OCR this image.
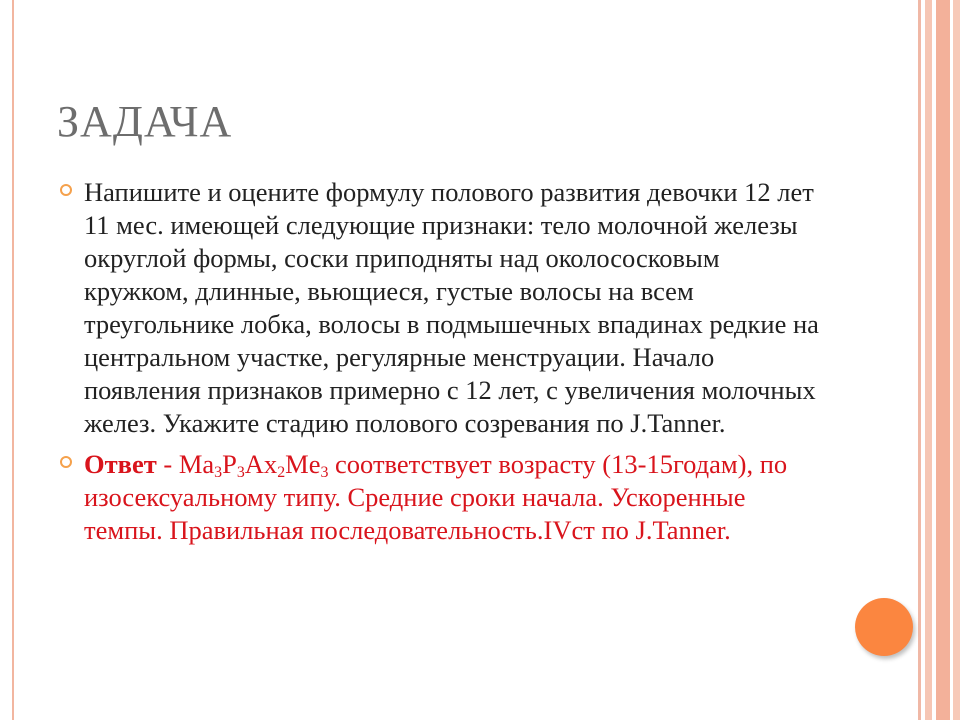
ЗАДАЧА
Напишите и оцените формулу полового развития девочки 12 лет 11 мес. имеющей следующие признаки: тело молочной железы округлой формы, соски приподняты над околососковым кружком, длинные, вьющиеся, густые волосы на всем треугольнике лобка, волосы в подмышечных впадинах редкие на центральном участке, регулярные менструации. Начало появления признаков примерно с 12 лет, с увеличения молочных желез. Укажите стадию полового созревания по J.Tanner.
Ответ - $Ma_3P_3Ax_2Me_3$ соответствует возрасту (13-15годам), по изосексуальному типу. Средние сроки начала. Ускоренные темпы. Правильная последовательность.IVст по J.Tanner.
